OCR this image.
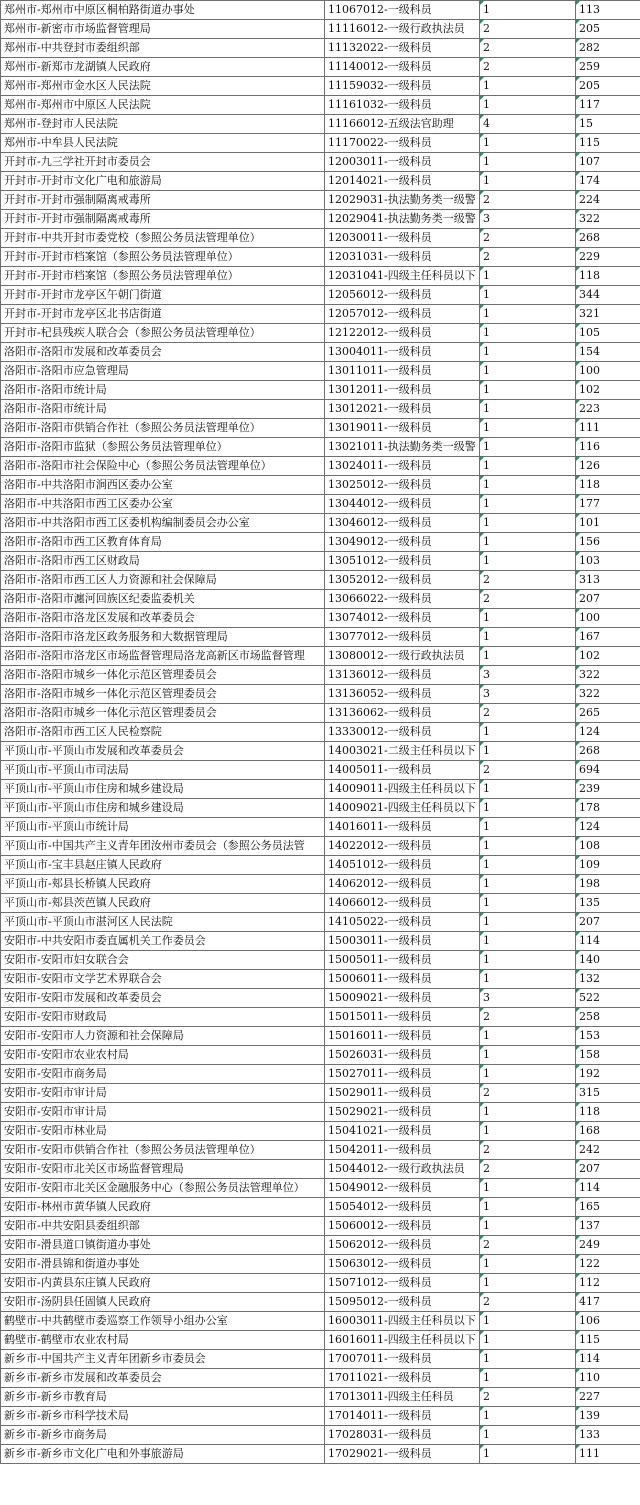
郑州市-郑州市中原区桐柏路街道办事处	11067012-一级科员	1	113
郑州市-新密市市场监督管理局	11116012-一级行政执法员	2	205
郑州市-中共登封市委组织部	11132022-一级科员	2	282
郑州市-新郑市龙湖镇人民政府	11140012-一级科员	2	259
郑州市-郑州市金水区人民法院	11159032-一级科员	1	205
郑州市-郑州市中原区人民法院	11161032-一级科员	1	117
郑州市-登封市人民法院	11166012-五级法官助理	4	15
郑州市-中牟县人民法院	11170022-一级科员	1	115
开封市-九三学社开封市委员会	12003011-一级科员	1	107
开封市-开封市文化广电和旅游局	12014021-一级科员	1	174
开封市-开封市强制隔离戒毒所	12029031-执法勤务类一级警	2	224
开封市-开封市强制隔离戒毒所	12029041-执法勤务类一级警	3	322
开封市-中共开封市委党校（参照公务员法管理单位）	12030011-一级科员	2	268
开封市-开封市档案馆（参照公务员法管理单位）	12031031-一级科员	2	229
开封市-开封市档案馆（参照公务员法管理单位）	12031041-四级主任科员以下	1	118
开封市-开封市龙亭区午朝门街道	12056012-一级科员	1	344
开封市-开封市龙亭区北书店街道	12057012-一级科员	1	321
开封市-杞县残疾人联合会（参照公务员法管理单位）	12122012-一级科员	1	105
洛阳市-洛阳市发展和改革委员会	13004011-一级科员	1	154
洛阳市-洛阳市应急管理局	13011011-一级科员	1	100
洛阳市-洛阳市统计局	13012011-一级科员	1	102
洛阳市-洛阳市统计局	13012021-一级科员	1	223
洛阳市-洛阳市供销合作社（参照公务员法管理单位）	13019011-一级科员	1	111
洛阳市-洛阳市监狱（参照公务员法管理单位）	13021011-执法勤务类一级警	1	116
洛阳市-洛阳市社会保险中心（参照公务员法管理单位）	13024011-一级科员	1	126
洛阳市-中共洛阳市涧西区委办公室	13025012-一级科员	1	118
洛阳市-中共洛阳市西工区委办公室	13044012-一级科员	1	177
洛阳市-中共洛阳市西工区委机构编制委员会办公室	13046012-一级科员	1	101
洛阳市-洛阳市西工区教育体育局	13049012-一级科员	1	156
洛阳市-洛阳市西工区财政局	13051012-一级科员	1	103
洛阳市-洛阳市西工区人力资源和社会保障局	13052012-一级科员	2	313
洛阳市-洛阳市瀍河回族区纪委监委机关	13066022-一级科员	2	207
洛阳市-洛阳市洛龙区发展和改革委员会	13074012-一级科员	1	100
洛阳市-洛阳市洛龙区政务服务和大数据管理局	13077012-一级科员	1	167
洛阳市-洛阳市洛龙区市场监督管理局洛龙高新区市场监督管理	13080012-一级行政执法员	1	102
洛阳市-洛阳市城乡一体化示范区管理委员会	13136012-一级科员	3	322
洛阳市-洛阳市城乡一体化示范区管理委员会	13136052-一级科员	3	322
洛阳市-洛阳市城乡一体化示范区管理委员会	13136062-一级科员	2	265
洛阳市-洛阳市西工区人民检察院	13330012-一级科员	1	124
平顶山市-平顶山市发展和改革委员会	14003021-二级主任科员以下	1	268
平顶山市-平顶山市司法局	14005011-一级科员	2	694
平顶山市-平顶山市住房和城乡建设局	14009011-四级主任科员以下	1	239
平顶山市-平顶山市住房和城乡建设局	14009021-四级主任科员以下	1	178
平顶山市-平顶山市统计局	14016011-一级科员	1	124
平顶山市-中国共产主义青年团汝州市委员会（参照公务员法管	14022012-一级科员	1	108
平顶山市-宝丰县赵庄镇人民政府	14051012-一级科员	1	109
平顶山市-郏县长桥镇人民政府	14062012-一级科员	1	198
平顶山市-郏县茨芭镇人民政府	14066012-一级科员	1	135
平顶山市-平顶山市湛河区人民法院	14105022-一级科员	1	207
安阳市-中共安阳市委直属机关工作委员会	15003011-一级科员	1	114
安阳市-安阳市妇女联合会	15005011-一级科员	1	140
安阳市-安阳市文学艺术界联合会	15006011-一级科员	1	132
安阳市-安阳市发展和改革委员会	15009021-一级科员	3	522
安阳市-安阳市财政局	15015011-一级科员	2	258
安阳市-安阳市人力资源和社会保障局	15016011-一级科员	1	153
安阳市-安阳市农业农村局	15026031-一级科员	1	158
安阳市-安阳市商务局	15027011-一级科员	1	192
安阳市-安阳市审计局	15029011-一级科员	2	315
安阳市-安阳市审计局	15029021-一级科员	1	118
安阳市-安阳市林业局	15041021-一级科员	1	168
安阳市-安阳市供销合作社（参照公务员法管理单位）	15042011-一级科员	2	242
安阳市-安阳市北关区市场监督管理局	15044012-一级行政执法员	2	207
安阳市-安阳市北关区金融服务中心（参照公务员法管理单位）	15049012-一级科员	1	114
安阳市-林州市黄华镇人民政府	15054012-一级科员	1	165
安阳市-中共安阳县委组织部	15060012-一级科员	1	137
安阳市-滑县道口镇街道办事处	15062012-一级科员	2	249
安阳市-滑县锦和街道办事处	15063012-一级科员	1	122
安阳市-内黄县东庄镇人民政府	15071012-一级科员	1	112
安阳市-汤阴县任固镇人民政府	15095012-一级科员	2	417
鹤壁市-中共鹤壁市委巡察工作领导小组办公室	16003011-四级主任科员以下	1	106
鹤壁市-鹤壁市农业农村局	16016011-四级主任科员以下	1	115
新乡市-中国共产主义青年团新乡市委员会	17007011-一级科员	1	114
新乡市-新乡市发展和改革委员会	17011021-一级科员	1	110
新乡市-新乡市教育局	17013011-四级主任科员	2	227
新乡市-新乡市科学技术局	17014011-一级科员	1	139
新乡市-新乡市商务局	17028031-一级科员	1	133
新乡市-新乡市文化广电和外事旅游局	17029021-一级科员	1	111
